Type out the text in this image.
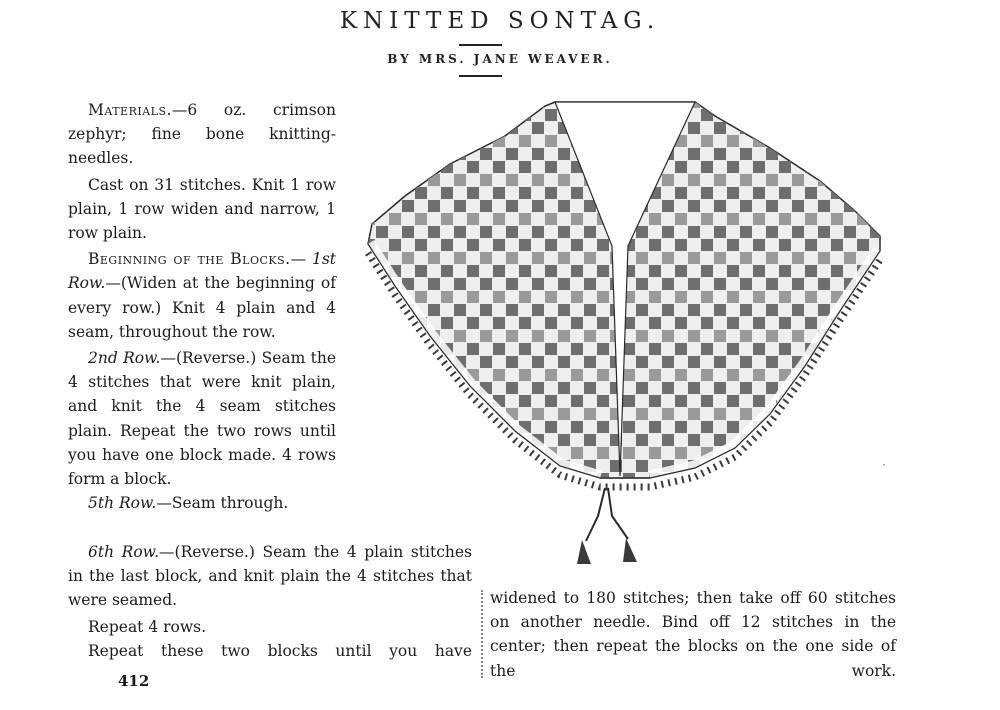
KNITTED SONTAG.
BY MRS. JANE WEAVER.

Materials.—6 oz. crimson zephyr; fine bone knitting-needles.

Cast on 31 stitches. Knit 1 row plain, 1 row widen and narrow, 1 row plain.

Beginning of the Blocks.— 1st Row.—(Widen at the beginning of every row.) Knit 4 plain and 4 seam, throughout the row.

2nd Row.—(Reverse.) Seam the 4 stitches that were knit plain, and knit the 4 seam stitches plain. Repeat the two rows until you have one block made. 4 rows form a block.

5th Row.—Seam through.

6th Row.—(Reverse.) Seam the 4 plain stitches in the last block, and knit plain the 4 stitches that were seamed.

Repeat 4 rows.

Repeat these two blocks until you have

412

widened to 180 stitches; then take off 60 stitches on another needle. Bind off 12 stitches in the center; then repeat the blocks on the one side of the work.

'
·
